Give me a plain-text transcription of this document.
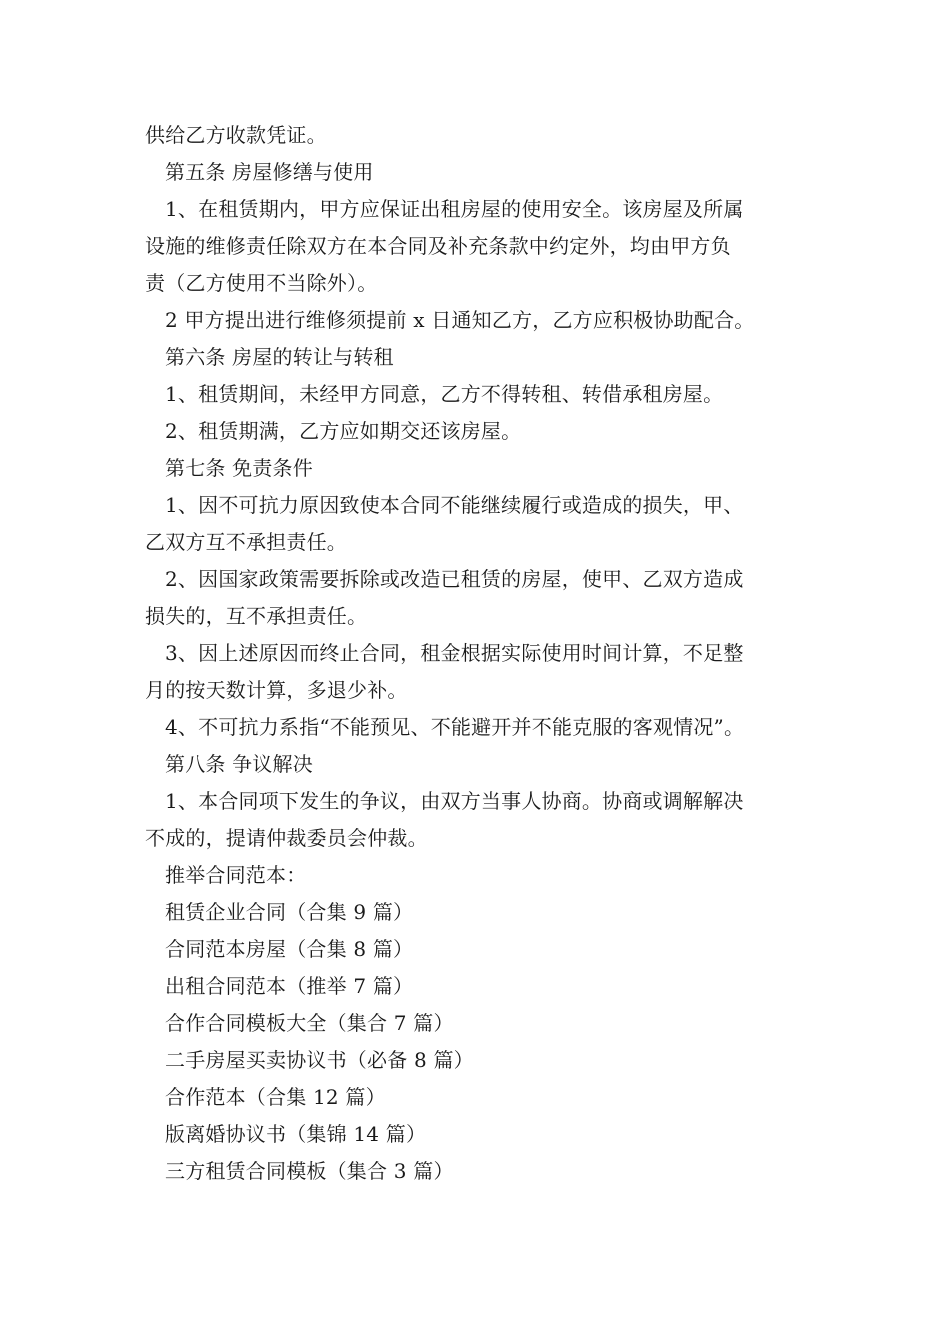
供给乙方收款凭证。
第五条 房屋修缮与使用
1、在租赁期内，甲方应保证出租房屋的使用安全。该房屋及所属
设施的维修责任除双方在本合同及补充条款中约定外，均由甲方负
责（乙方使用不当除外）。
2 甲方提出进行维修须提前 x 日通知乙方，乙方应积极协助配合。
第六条 房屋的转让与转租
1、租赁期间，未经甲方同意，乙方不得转租、转借承租房屋。
2、租赁期满，乙方应如期交还该房屋。
第七条 免责条件
1、因不可抗力原因致使本合同不能继续履行或造成的损失，甲、
乙双方互不承担责任。
2、因国家政策需要拆除或改造已租赁的房屋，使甲、乙双方造成
损失的，互不承担责任。
3、因上述原因而终止合同，租金根据实际使用时间计算，不足整
月的按天数计算，多退少补。
4、不可抗力系指“不能预见、不能避开并不能克服的客观情况”。
第八条 争议解决
1、本合同项下发生的争议，由双方当事人协商。协商或调解解决
不成的，提请仲裁委员会仲裁。
推举合同范本：
租赁企业合同（合集 9 篇）
合同范本房屋（合集 8 篇）
出租合同范本（推举 7 篇）
合作合同模板大全（集合 7 篇）
二手房屋买卖协议书（必备 8 篇）
合作范本（合集 12 篇）
版离婚协议书（集锦 14 篇）
三方租赁合同模板（集合 3 篇）
